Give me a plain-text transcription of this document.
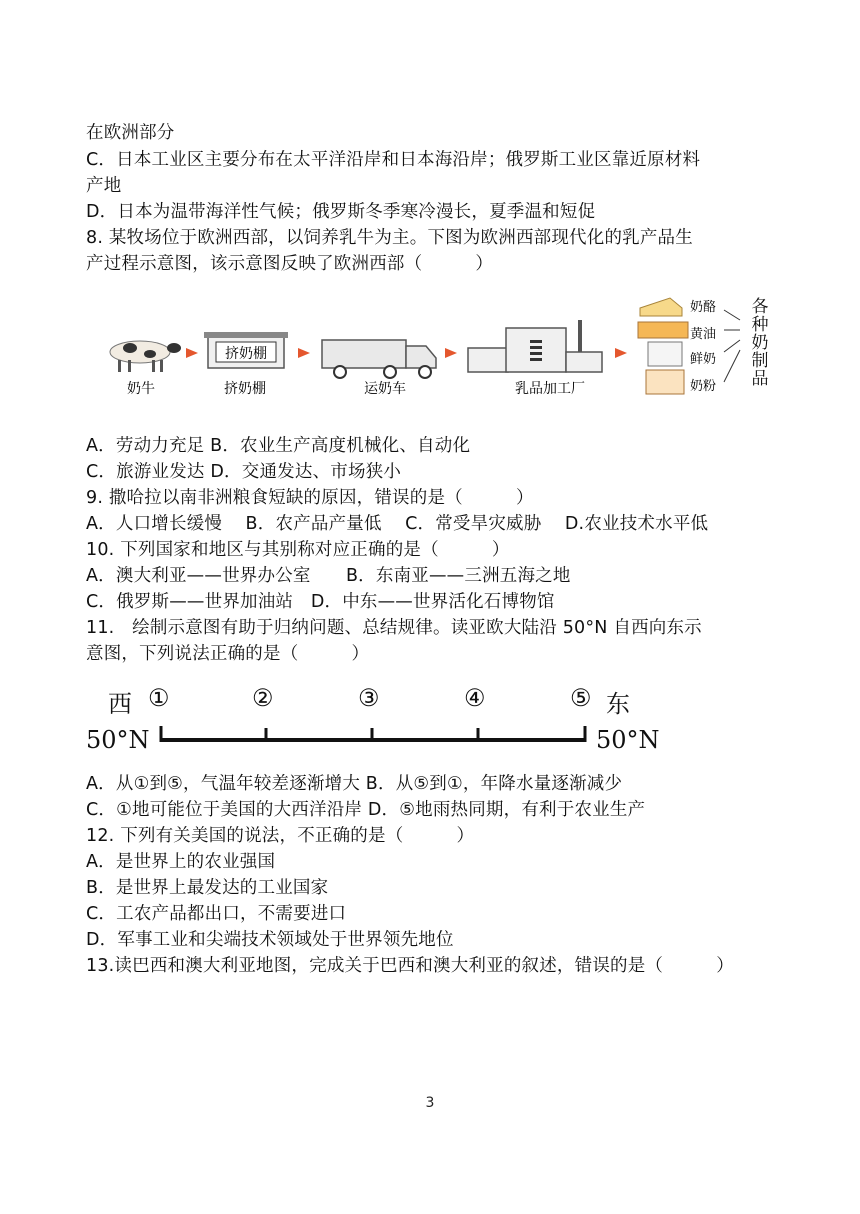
在欧洲部分
C．日本工业区主要分布在太平洋沿岸和日本海沿岸；俄罗斯工业区靠近原材料
产地
D．日本为温带海洋性气候；俄罗斯冬季寒冷漫长，夏季温和短促
8. 某牧场位于欧洲西部，以饲养乳牛为主。下图为欧洲西部现代化的乳产品生
产过程示意图，该示意图反映了欧洲西部（　　　）
奶牛	挤奶棚	运奶车	乳品加工厂
挤奶棚
奶酪
黄油
鲜奶
奶粉
各
种
奶
制
品
A．劳动力充足 B．农业生产高度机械化、自动化
C．旅游业发达 D．交通发达、市场狭小
9. 撒哈拉以南非洲粮食短缺的原因，错误的是（　　　）
A．人口增长缓慢　 B．农产品产量低　 C．常受旱灾威胁　 D.农业技术水平低
10. 下列国家和地区与其别称对应正确的是（　　　）
A．澳大利亚——世界办公室　　B．东南亚——三洲五海之地
C．俄罗斯——世界加油站　D．中东——世界活化石博物馆
11.　绘制示意图有助于归纳问题、总结规律。读亚欧大陆沿 50°N 自西向东示
意图，下列说法正确的是（　　　）
西 ①	②	③	④	⑤ 东
50°N	50°N
A．从①到⑤，气温年较差逐渐增大 B．从⑤到①，年降水量逐渐减少
C．①地可能位于美国的大西洋沿岸 D．⑤地雨热同期，有利于农业生产
12. 下列有关美国的说法，不正确的是（　　　）
A．是世界上的农业强国
B．是世界上最发达的工业国家
C．工农产品都出口，不需要进口
D．军事工业和尖端技术领域处于世界领先地位
13.读巴西和澳大利亚地图，完成关于巴西和澳大利亚的叙述，错误的是（　　　）
3
